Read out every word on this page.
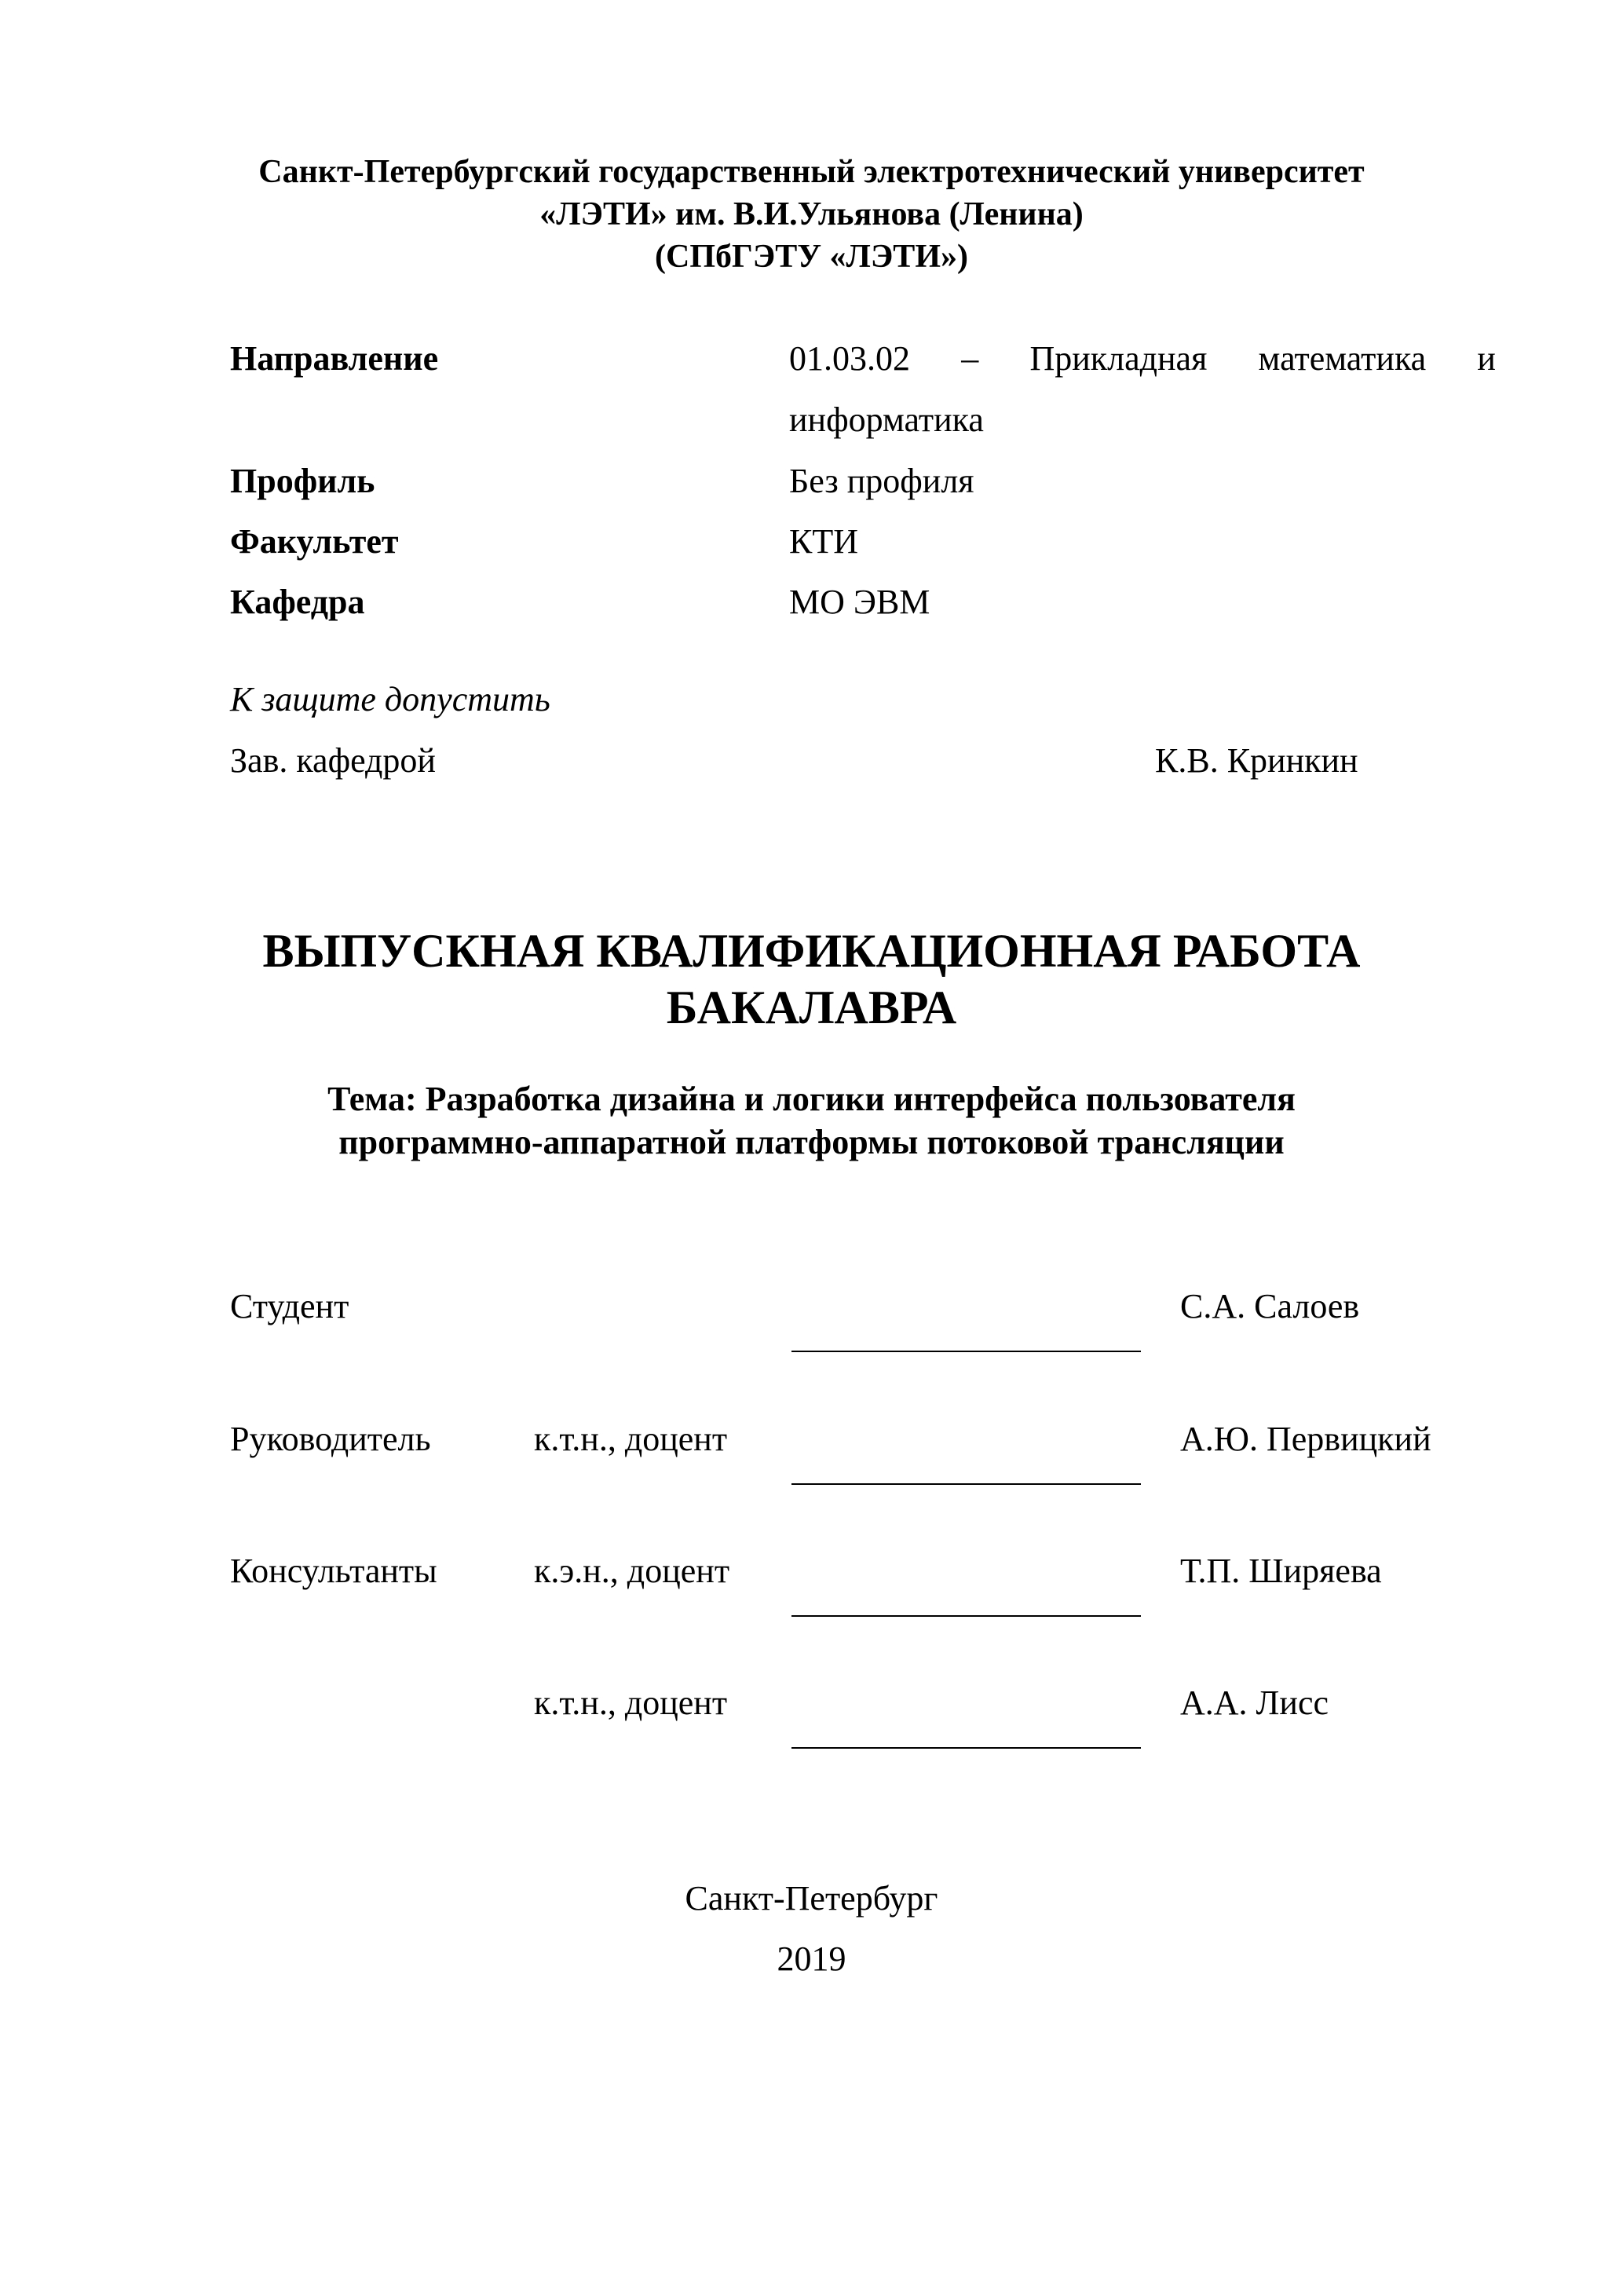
Санкт-Петербургский государственный электротехнический университет
«ЛЭТИ» им. В.И.Ульянова (Ленина)
(СПбГЭТУ «ЛЭТИ»)
Направление	01.03.02 – Прикладная математика и
информатика
Профиль	Без профиля
Факультет	КТИ
Кафедра	МО ЭВМ
К защите допустить
Зав. кафедрой	К.В. Кринкин
ВЫПУСКНАЯ КВАЛИФИКАЦИОННАЯ РАБОТА
БАКАЛАВРА
Тема: Разработка дизайна и логики интерфейса пользователя
программно-аппаратной платформы потоковой трансляции
Студент	С.А. Салоев
Руководитель	к.т.н., доцент	А.Ю. Первицкий
Консультанты	к.э.н., доцент	Т.П. Ширяева
к.т.н., доцент	А.А. Лисс
Санкт-Петербург
2019
